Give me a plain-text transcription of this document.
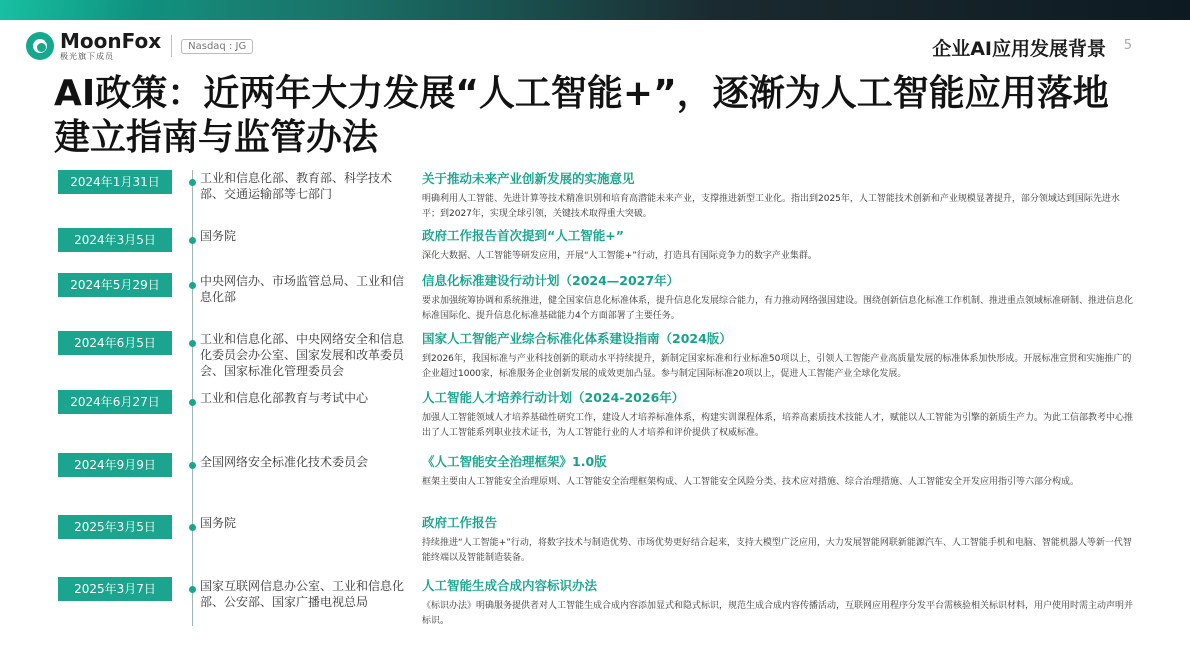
MoonFox
极光旗下成员
Nasdaq : JG	企业AI应用发展背景 5
AI政策：近两年大力发展“人工智能+”，逐渐为人工智能应用落地建立指南与监管办法
2024年1月31日	工业和信息化部、教育部、科学技术部、交通运输部等七部门
关于推动未来产业创新发展的实施意见
明确利用人工智能、先进计算等技术精准识别和培育高潜能未来产业，支撑推进新型工业化。指出到2025年，人工智能技术创新和产业规模显著提升，部分领域达到国际先进水平；到2027年，实现全球引领，关键技术取得重大突破。
2024年3月5日	国务院	政府工作报告首次提到“人工智能+”
深化大数据、人工智能等研发应用，开展“人工智能+”行动，打造具有国际竞争力的数字产业集群。
2024年5月29日	中央网信办、市场监管总局、工业和信息化部
信息化标准建设行动计划（2024—2027年）
要求加强统筹协调和系统推进，健全国家信息化标准体系，提升信息化发展综合能力，有力推动网络强国建设。围绕创新信息化标准工作机制、推进重点领域标准研制、推进信息化标准国际化、提升信息化标准基础能力4个方面部署了主要任务。
2024年6月5日	工业和信息化部、中央网络安全和信息化委员会办公室、国家发展和改革委员会、国家标准化管理委员会
国家人工智能产业综合标准化体系建设指南（2024版）
到2026年，我国标准与产业科技创新的联动水平持续提升，新制定国家标准和行业标准50项以上，引领人工智能产业高质量发展的标准体系加快形成。开展标准宣贯和实施推广的企业超过1000家，标准服务企业创新发展的成效更加凸显。参与制定国际标准20项以上，促进人工智能产业全球化发展。
2024年6月27日	工业和信息化部教育与考试中心	人工智能人才培养行动计划（2024-2026年）
加强人工智能领域人才培养基础性研究工作，建设人才培养标准体系，构建实训课程体系，培养高素质技术技能人才，赋能以人工智能为引擎的新质生产力。为此工信部教考中心推出了人工智能系列职业技术证书，为人工智能行业的人才培养和评价提供了权威标准。
2024年9月9日	全国网络安全标准化技术委员会	《人工智能安全治理框架》1.0版
框架主要由人工智能安全治理原则、人工智能安全治理框架构成、人工智能安全风险分类、技术应对措施、综合治理措施、人工智能安全开发应用指引等六部分构成。
2025年3月5日	国务院	政府工作报告
持续推进“人工智能+”行动，将数字技术与制造优势、市场优势更好结合起来，支持大模型广泛应用，大力发展智能网联新能源汽车、人工智能手机和电脑、智能机器人等新一代智能终端以及智能制造装备。
2025年3月7日	国家互联网信息办公室、工业和信息化部、公安部、国家广播电视总局
人工智能生成合成内容标识办法
《标识办法》明确服务提供者对人工智能生成合成内容添加显式和隐式标识，规范生成合成内容传播活动，互联网应用程序分发平台需核验相关标识材料，用户使用时需主动声明并标识。
